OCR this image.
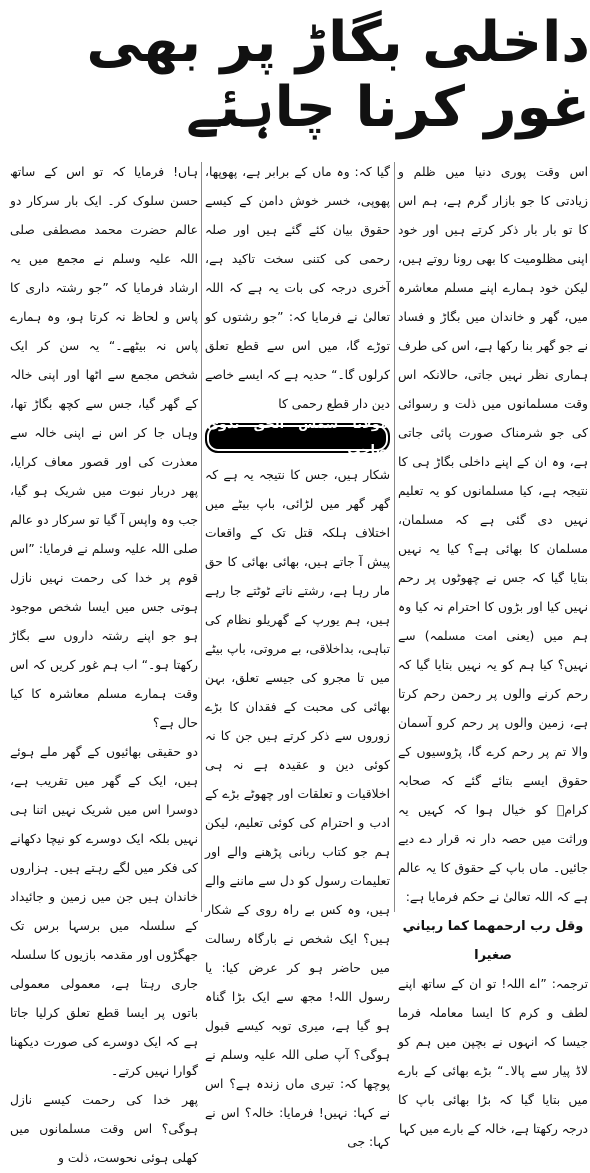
داخلی بگاڑ پر بھی غور کرنا چاہئے

اس وقت پوری دنیا میں ظلم و زیادتی کا جو بازار گرم ہے، ہم اس کا تو بار بار ذکر کرتے ہیں اور خود اپنی مظلومیت کا بھی رونا روتے ہیں، لیکن خود ہمارے اپنے مسلم معاشرہ میں، گھر و خاندان میں بگاڑ و فساد نے جو گھر بنا رکھا ہے، اس کی طرف ہماری نظر نہیں جاتی، حالانکہ اس وقت مسلمانوں میں ذلت و رسوائی کی جو شرمناک صورت پائی جاتی ہے، وہ ان کے اپنے داخلی بگاڑ ہی کا نتیجہ ہے، کیا مسلمانوں کو یہ تعلیم نہیں دی گئی ہے کہ مسلمان، مسلمان کا بھائی ہے؟ کیا یہ نہیں بتایا گیا کہ جس نے چھوٹوں پر رحم نہیں کیا اور بڑوں کا احترام نہ کیا وہ ہم میں (یعنی امت مسلمہ) سے نہیں؟ کیا ہم کو یہ نہیں بتایا گیا کہ رحم کرنے والوں پر رحمن رحم کرتا ہے، زمین والوں پر رحم کرو آسمان والا تم پر رحم کرے گا، پڑوسیوں کے حقوق ایسے بتائے گئے کہ صحابہ کرامؓ کو خیال ہوا کہ کہیں یہ وراثت میں حصہ دار نہ قرار دے دیے جائیں۔ ماں باپ کے حقوق کا یہ عالم ہے کہ اللہ تعالیٰ نے حکم فرمایا ہے:

وقل رب ارحمهما كما ربياني صغيرا

ترجمہ: ”اے اللہ! تو ان کے ساتھ اپنے لطف و کرم کا ایسا معاملہ فرما جیسا کہ انہوں نے بچپن میں ہم کو لاڈ پیار سے پالا۔“ بڑے بھائی کے بارے میں بتایا گیا کہ بڑا بھائی باپ کا درجہ رکھتا ہے، خالہ کے بارے میں کہا

گیا کہ: وہ ماں کے برابر ہے، پھوپھا، پھوپی، خسر خوش دامن کے کیسے حقوق بیان کئے گئے ہیں اور صلہ رحمی کی کتنی سخت تاکید ہے، آخری درجہ کی بات یہ ہے کہ اللہ تعالیٰ نے فرمایا کہ: ”جو رشتوں کو توڑے گا، میں اس سے قطع تعلق کرلوں گا۔“ حدیہ ہے کہ ایسے خاصے دین دار قطع رحمی کا

مولانا شمس الحق ندوی صاحب

شکار ہیں، جس کا نتیجہ یہ ہے کہ گھر گھر میں لڑائی، باپ بیٹے میں اختلاف ہلکہ قتل تک کے واقعات پیش آ جاتے ہیں، بھائی بھائی کا حق مار رہا ہے، رشتے ناتے ٹوٹتے جا رہے ہیں، ہم یورپ کے گھریلو نظام کی تباہی، بداخلاقی، بے مروتی، باپ بیٹے میں تا مجرو کی جیسے تعلق، بہن بھائی کی محبت کے فقدان کا بڑے زوروں سے ذکر کرتے ہیں جن کا نہ کوئی دین و عقیدہ ہے نہ ہی اخلاقیات و تعلقات اور چھوٹے بڑے کے ادب و احترام کی کوئی تعلیم، لیکن ہم جو کتاب ربانی پڑھنے والے اور تعلیمات رسول کو دل سے ماننے والے ہیں، وہ کس بے راہ روی کے شکار ہیں؟ ایک شخص نے بارگاہ رسالت میں حاضر ہو کر عرض کیا: یا رسول اللہ! مجھ سے ایک بڑا گناہ ہو گیا ہے، میری توبہ کیسے قبول ہوگی؟ آپ صلی اللہ علیہ وسلم نے پوچھا کہ: تیری ماں زندہ ہے؟ اس نے کہا: نہیں! فرمایا: خالہ؟ اس نے کہا: جی

ہاں! فرمایا کہ تو اس کے ساتھ حسن سلوک کر۔ ایک بار سرکار دو عالم حضرت محمد مصطفی صلی اللہ علیہ وسلم نے مجمع میں یہ ارشاد فرمایا کہ ”جو رشتہ داری کا پاس و لحاظ نہ کرتا ہو، وہ ہمارے پاس نہ بیٹھے۔“ یہ سن کر ایک شخص مجمع سے اٹھا اور اپنی خالہ کے گھر گیا، جس سے کچھ بگاڑ تھا، وہاں جا کر اس نے اپنی خالہ سے معذرت کی اور قصور معاف کرایا، پھر دربار نبوت میں شریک ہو گیا، جب وہ واپس آ گیا تو سرکار دو عالم صلی اللہ علیہ وسلم نے فرمایا: ”اس قوم پر خدا کی رحمت نہیں نازل ہوتی جس میں ایسا شخص موجود ہو جو اپنے رشتہ داروں سے بگاڑ رکھتا ہو۔“ اب ہم غور کریں کہ اس وقت ہمارے مسلم معاشرہ کا کیا حال ہے؟

دو حقیقی بھائیوں کے گھر ملے ہوئے ہیں، ایک کے گھر میں تقریب ہے، دوسرا اس میں شریک نہیں اتنا ہی نہیں بلکہ ایک دوسرے کو نیچا دکھانے کی فکر میں لگے رہتے ہیں۔ ہزاروں خاندان ہیں جن میں زمین و جائیداد کے سلسلہ میں برسہا برس تک جھگڑوں اور مقدمہ بازیوں کا سلسلہ جاری رہتا ہے، معمولی معمولی باتوں پر ایسا قطع تعلق کرلیا جاتا ہے کہ ایک دوسرے کی صورت دیکھنا گوارا نہیں کرتے۔

پھر خدا کی رحمت کیسے نازل ہوگی؟ اس وقت مسلمانوں میں کھلی ہوئی نحوست، ذلت و
